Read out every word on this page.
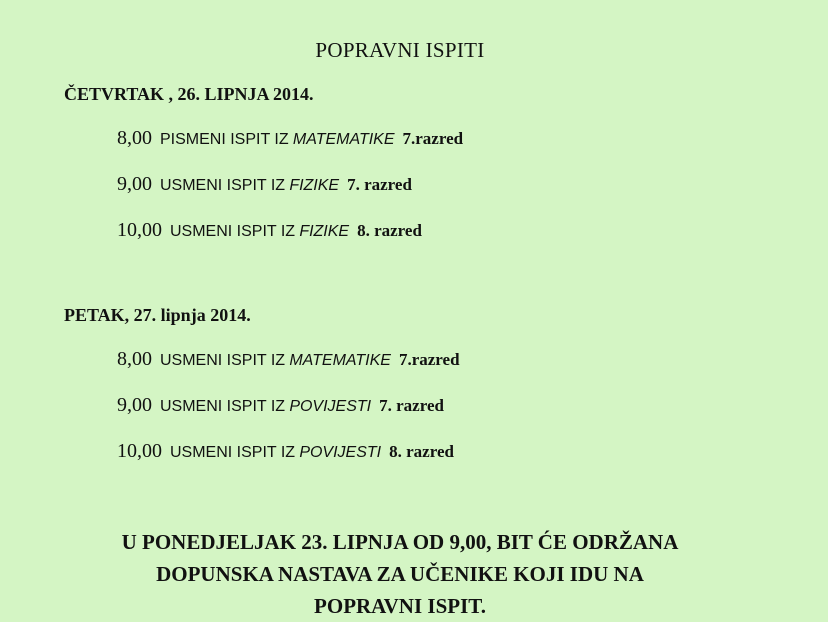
POPRAVNI ISPITI
ČETVRTAK , 26. LIPNJA 2014.
8,00 PISMENI ISPIT IZ MATEMATIKE 7.razred
9,00 USMENI ISPIT IZ FIZIKE 7. razred
10,00 USMENI ISPIT IZ FIZIKE 8. razred
PETAK, 27. lipnja 2014.
8,00 USMENI ISPIT IZ MATEMATIKE 7.razred
9,00 USMENI ISPIT IZ POVIJESTI 7. razred
10,00 USMENI ISPIT IZ POVIJESTI 8. razred
U PONEDJELJAK 23. LIPNJA OD 9,00, BIT ĆE ODRŽANA
DOPUNSKA NASTAVA ZA UČENIKE KOJI IDU NA
POPRAVNI ISPIT.
